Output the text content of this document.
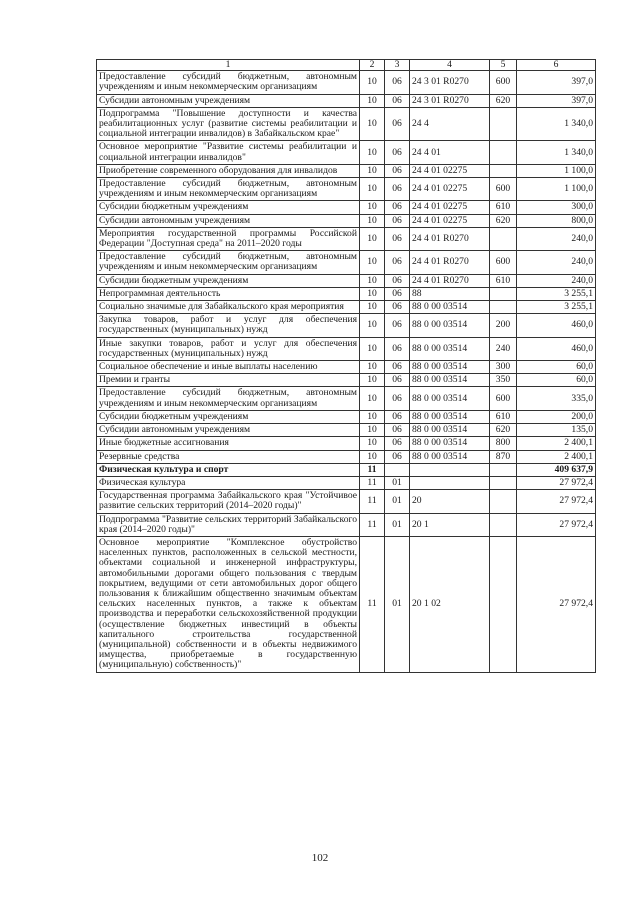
1	2	3	4	5	6
Предоставление субсидий бюджетным, автономным учреждениям и иным некоммерческим организациям	10	06	24 3 01 R0270	600	397,0
Субсидии автономным учреждениям	10	06	24 3 01 R0270	620	397,0
Подпрограмма "Повышение доступности и качества реабилитационных услуг (развитие системы реабилитации и социальной интеграции инвалидов) в Забайкальском крае"	10	06	24 4		1 340,0
Основное мероприятие "Развитие системы реабилитации и социальной интеграции инвалидов"	10	06	24 4 01		1 340,0
Приобретение современного оборудования для инвалидов	10	06	24 4 01 02275		1 100,0
Предоставление субсидий бюджетным, автономным учреждениям и иным некоммерческим организациям	10	06	24 4 01 02275	600	1 100,0
Субсидии бюджетным учреждениям	10	06	24 4 01 02275	610	300,0
Субсидии автономным учреждениям	10	06	24 4 01 02275	620	800,0
Мероприятия государственной программы Российской Федерации "Доступная среда" на 2011–2020 годы	10	06	24 4 01 R0270		240,0
Предоставление субсидий бюджетным, автономным учреждениям и иным некоммерческим организациям	10	06	24 4 01 R0270	600	240,0
Субсидии бюджетным учреждениям	10	06	24 4 01 R0270	610	240,0
Непрограммная деятельность	10	06	88		3 255,1
Социально значимые для Забайкальского края мероприятия	10	06	88 0 00 03514		3 255,1
Закупка товаров, работ и услуг для обеспечения государственных (муниципальных) нужд	10	06	88 0 00 03514	200	460,0
Иные закупки товаров, работ и услуг для обеспечения государственных (муниципальных) нужд	10	06	88 0 00 03514	240	460,0
Социальное обеспечение и иные выплаты населению	10	06	88 0 00 03514	300	60,0
Премии и гранты	10	06	88 0 00 03514	350	60,0
Предоставление субсидий бюджетным, автономным учреждениям и иным некоммерческим организациям	10	06	88 0 00 03514	600	335,0
Субсидии бюджетным учреждениям	10	06	88 0 00 03514	610	200,0
Субсидии автономным учреждениям	10	06	88 0 00 03514	620	135,0
Иные бюджетные ассигнования	10	06	88 0 00 03514	800	2 400,1
Резервные средства	10	06	88 0 00 03514	870	2 400,1
Физическая культура и спорт	11				409 637,9
Физическая культура	11	01			27 972,4
Государственная программа Забайкальского края "Устойчивое развитие сельских территорий (2014–2020 годы)"	11	01	20		27 972,4
Подпрограмма "Развитие сельских территорий Забайкальского края (2014–2020 годы)"	11	01	20 1		27 972,4
Основное мероприятие "Комплексное обустройство населенных пунктов, расположенных в сельской местности, объектами социальной и инженерной инфраструктуры, автомобильными дорогами общего пользования с твердым покрытием, ведущими от сети автомобильных дорог общего пользования к ближайшим общественно значимым объектам сельских населенных пунктов, а также к объектам производства и переработки сельскохозяйственной продукции (осуществление бюджетных инвестиций в объекты капитального строительства государственной (муниципальной) собственности и в объекты недвижимого имущества, приобретаемые в государственную (муниципальную) собственность)"	11	01	20 1 02		27 972,4
102
